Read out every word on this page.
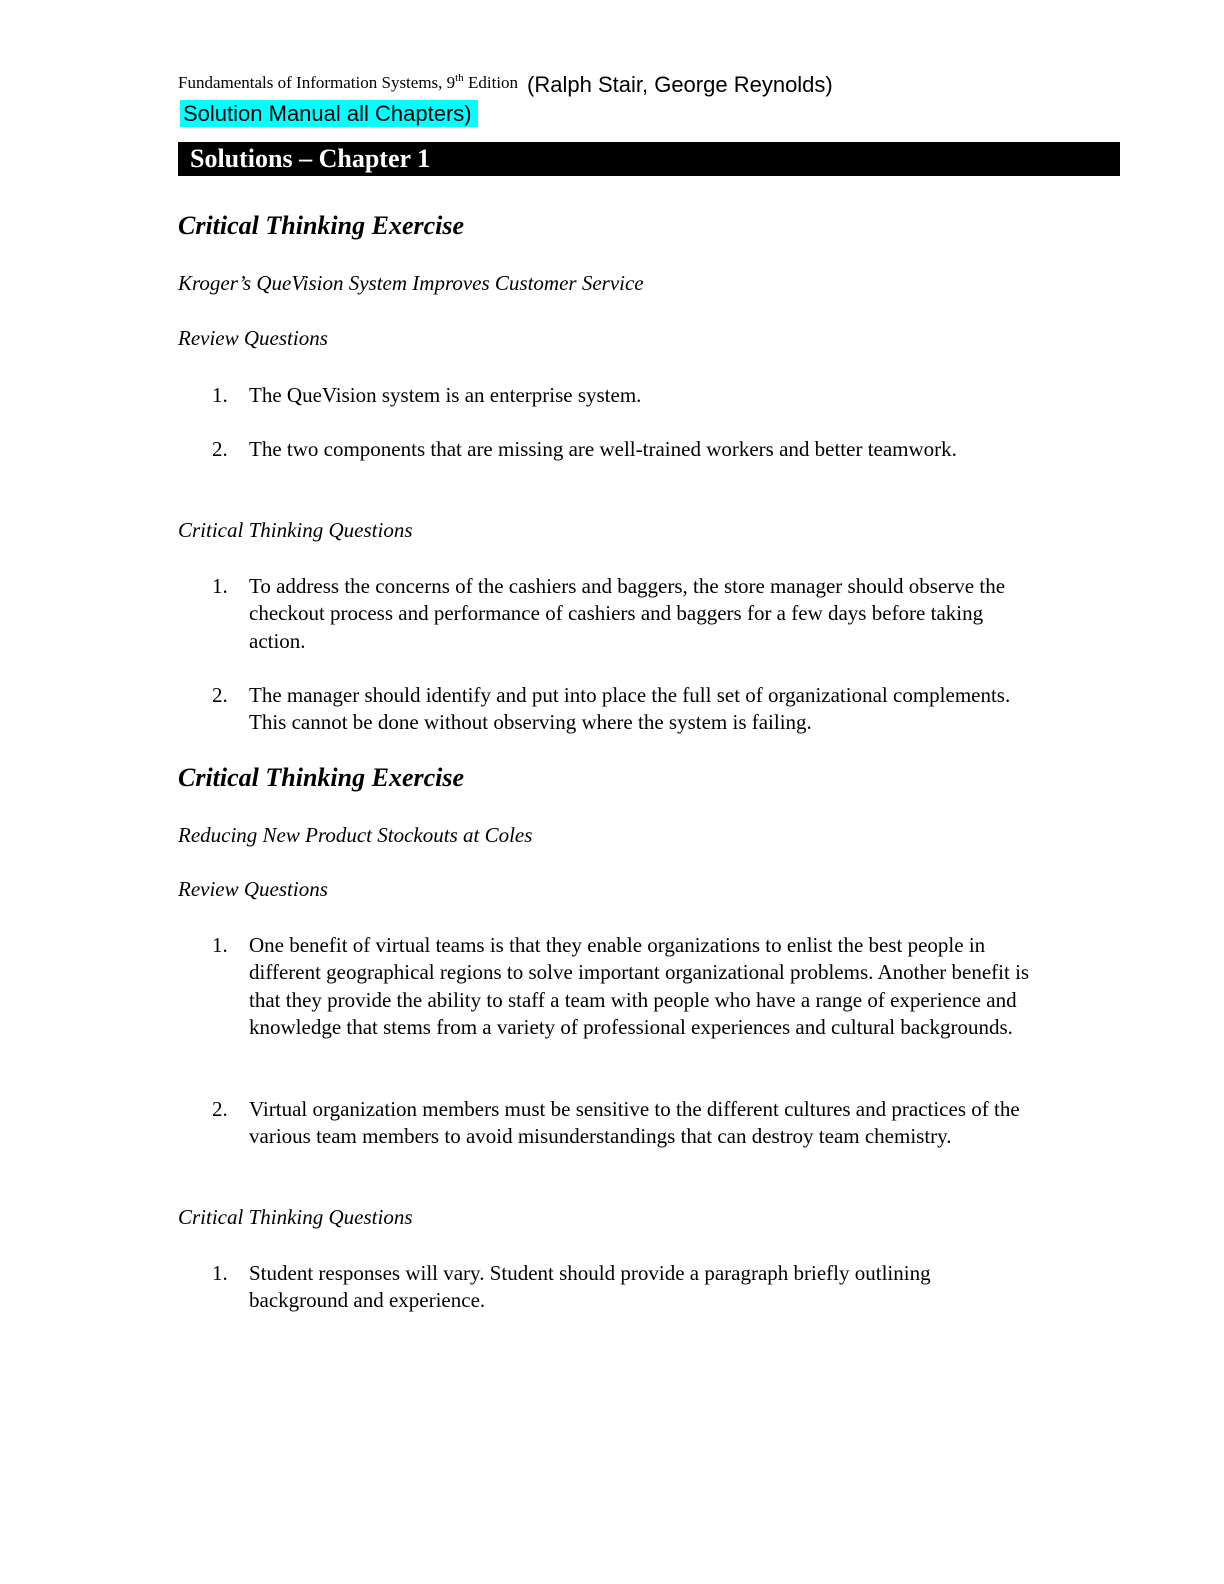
Fundamentals of Information Systems, 9th Edition (Ralph Stair, George Reynolds)
Solution Manual all Chapters)
Solutions – Chapter 1
Critical Thinking Exercise
Kroger’s QueVision System Improves Customer Service
Review Questions
1.	The QueVision system is an enterprise system.
2.	The two components that are missing are well-trained workers and better teamwork.
Critical Thinking Questions
1.	To address the concerns of the cashiers and baggers, the store manager should observe the checkout process and performance of cashiers and baggers for a few days before taking action.
2.	The manager should identify and put into place the full set of organizational complements. This cannot be done without observing where the system is failing.
Critical Thinking Exercise
Reducing New Product Stockouts at Coles
Review Questions
1.	One benefit of virtual teams is that they enable organizations to enlist the best people in different geographical regions to solve important organizational problems. Another benefit is that they provide the ability to staff a team with people who have a range of experience and knowledge that stems from a variety of professional experiences and cultural backgrounds.
2.	Virtual organization members must be sensitive to the different cultures and practices of the various team members to avoid misunderstandings that can destroy team chemistry.
Critical Thinking Questions
1.	Student responses will vary. Student should provide a paragraph briefly outlining background and experience.
